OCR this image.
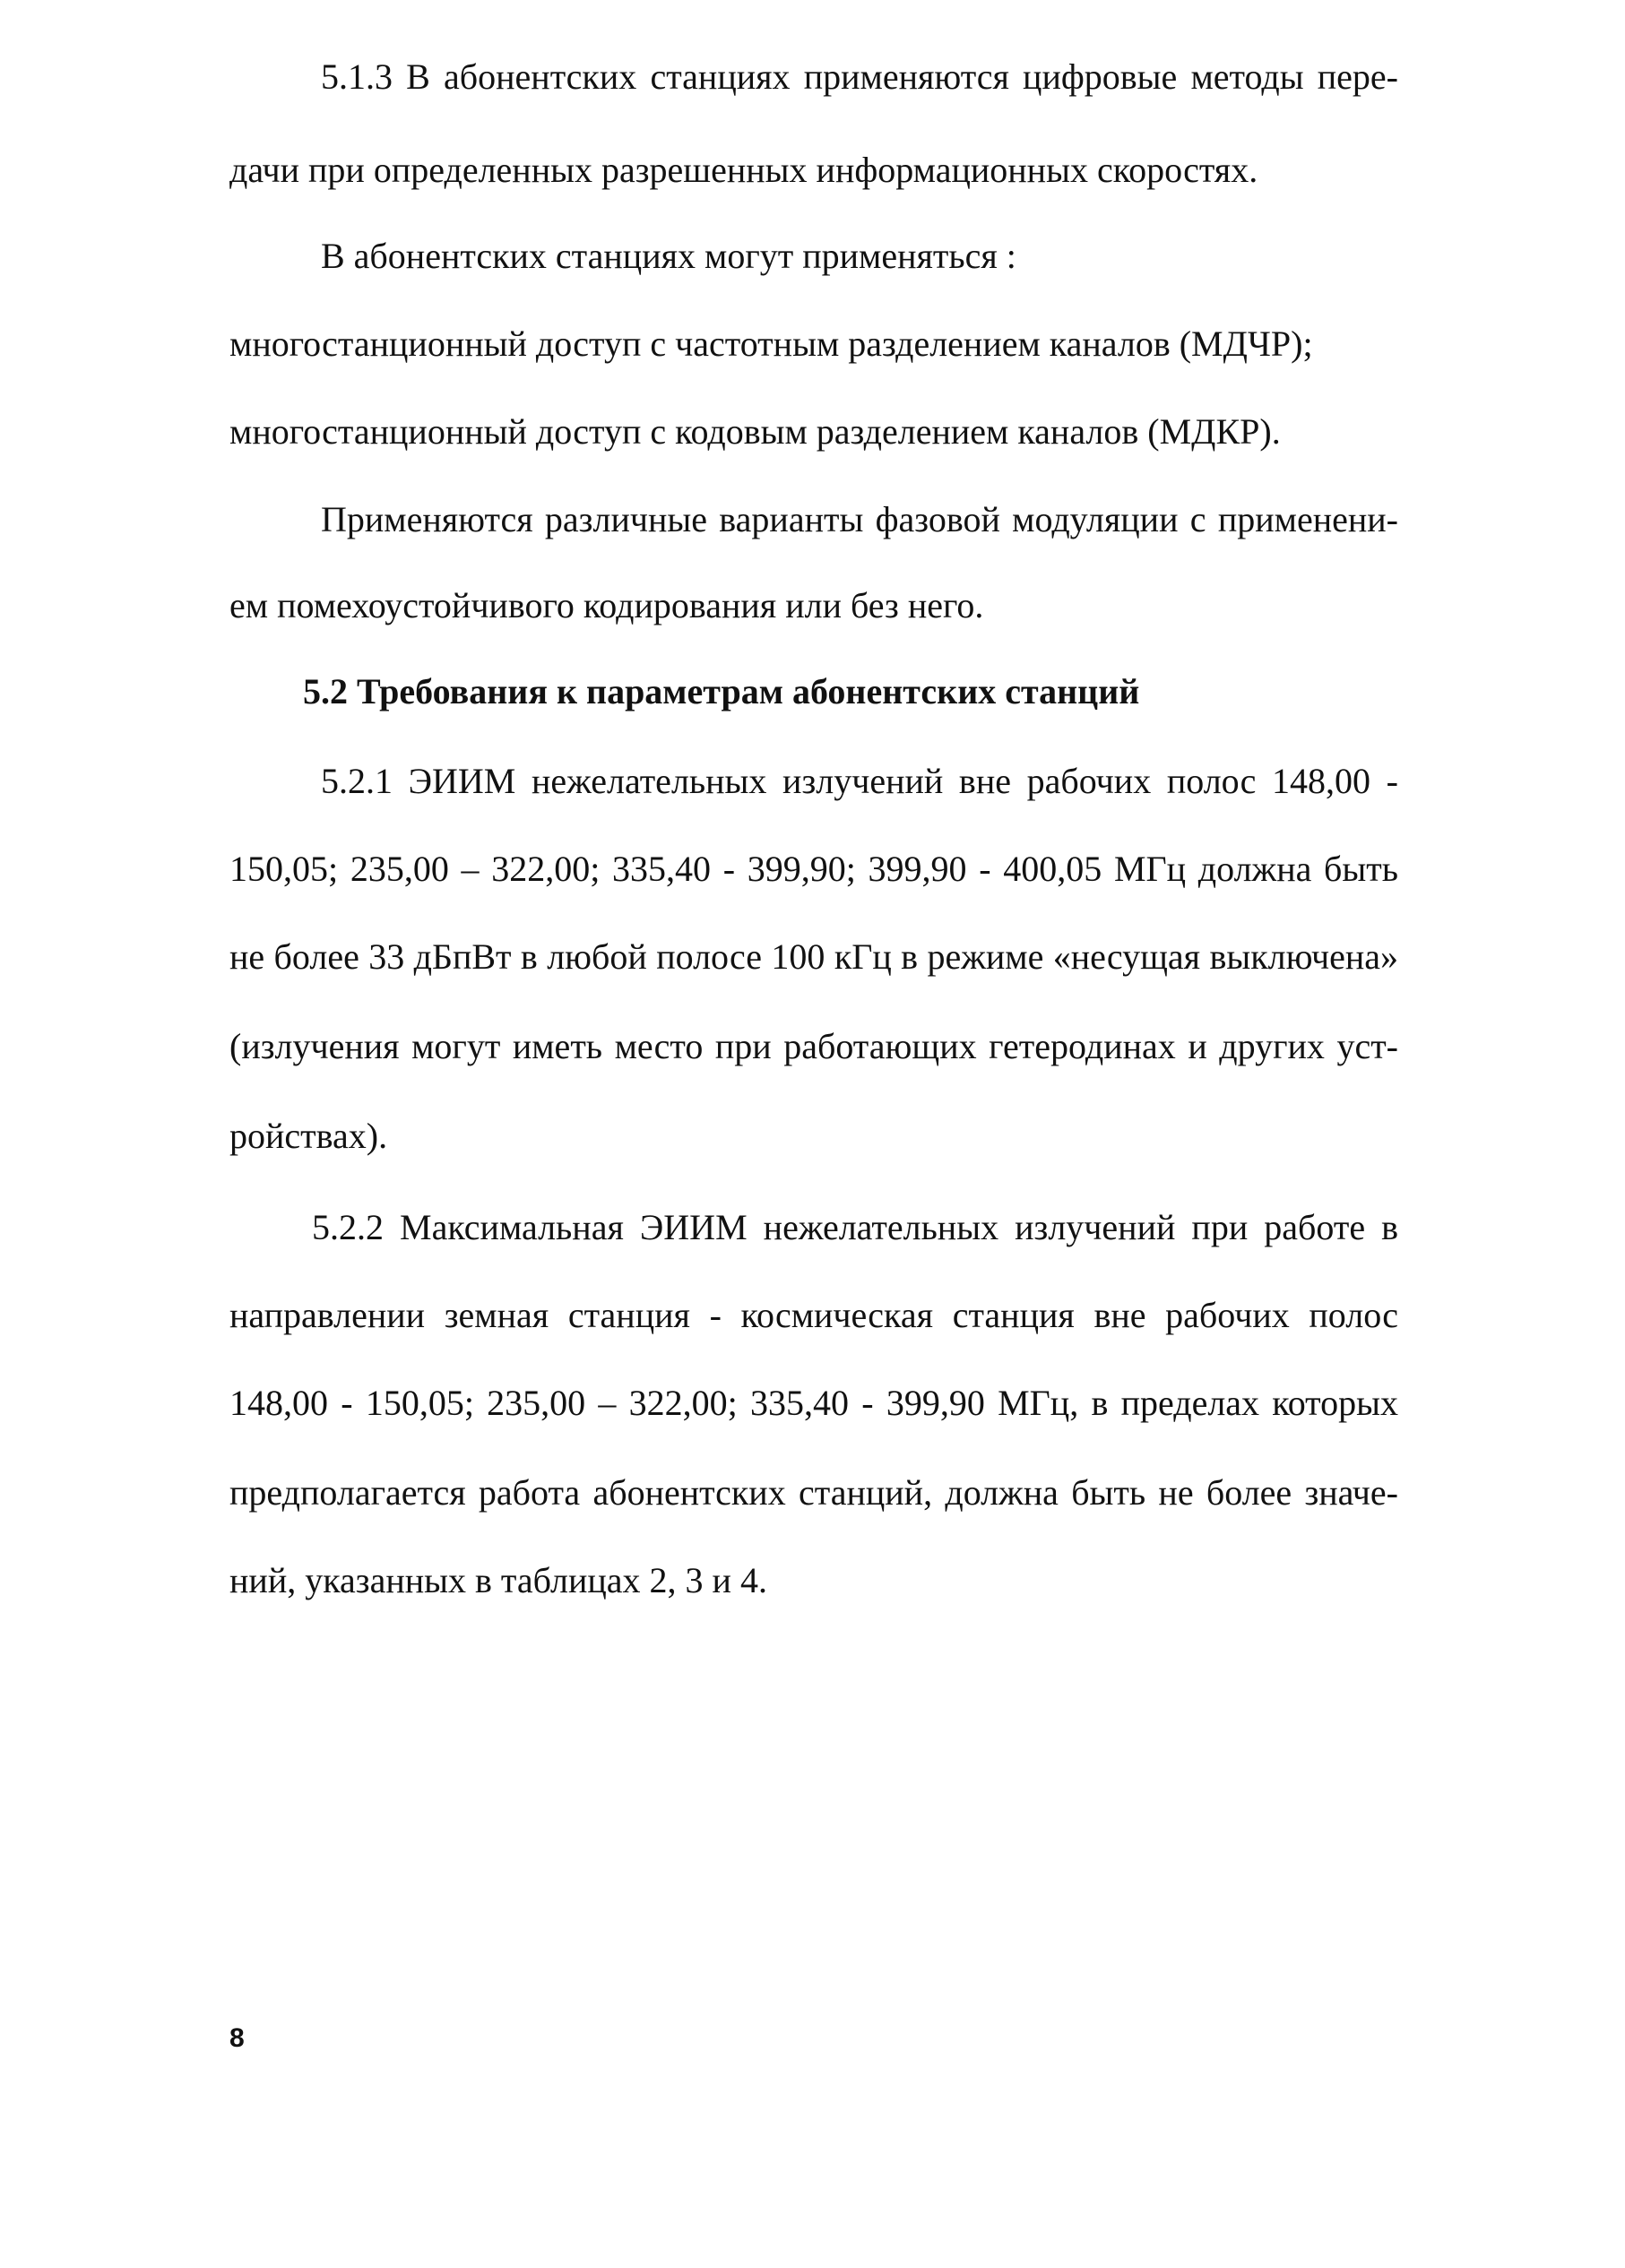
5.1.3 В абонентских станциях применяются цифровые методы пере-

дачи при определенных разрешенных информационных скоростях.

В абонентских станциях могут применяться :

многостанционный доступ с частотным разделением каналов (МДЧР);

многостанционный доступ с кодовым разделением каналов (МДКР).

Применяются различные варианты фазовой модуляции с применени-

ем помехоустойчивого кодирования или без него.

5.2 Требования к параметрам абонентских станций

5.2.1 ЭИИМ нежелательных излучений вне рабочих полос 148,00 -

150,05; 235,00 – 322,00; 335,40 - 399,90; 399,90 - 400,05 МГц должна быть

не более 33 дБпВт в любой полосе 100 кГц в режиме «несущая выключена»

(излучения могут иметь место при работающих гетеродинах и других уст-

ройствах).

5.2.2 Максимальная ЭИИМ нежелательных излучений при работе в

направлении земная станция - космическая станция вне рабочих полос

148,00 - 150,05; 235,00 – 322,00; 335,40 - 399,90 МГц, в пределах которых

предполагается работа абонентских станций, должна быть не более значе-

ний, указанных в таблицах 2, 3 и 4.

8
